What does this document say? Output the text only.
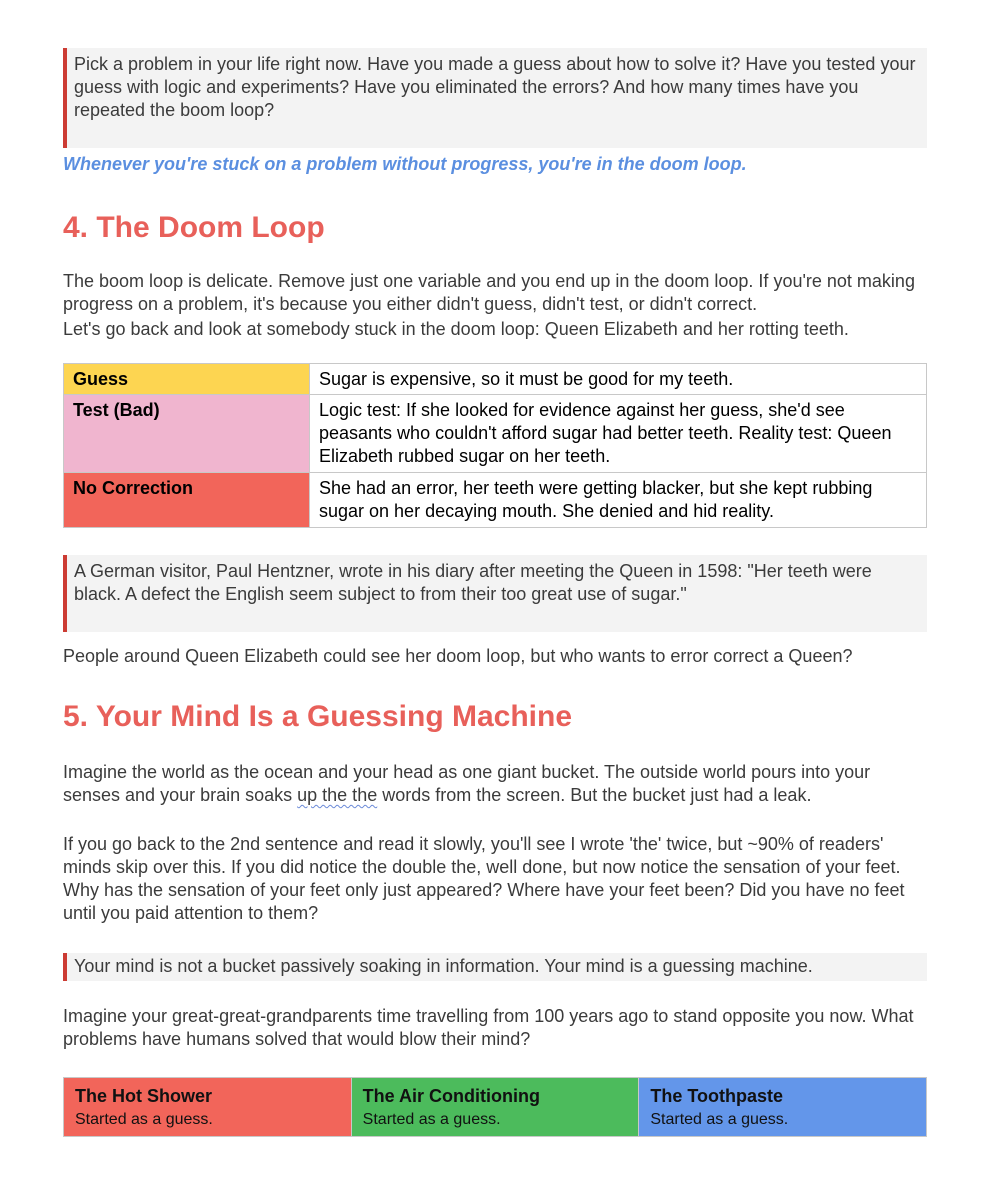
Pick a problem in your life right now. Have you made a guess about how to solve it? Have you tested your guess with logic and experiments? Have you eliminated the errors? And how many times have you repeated the boom loop?
Whenever you're stuck on a problem without progress, you're in the doom loop.
4. The Doom Loop

The boom loop is delicate. Remove just one variable and you end up in the doom loop. If you're not making progress on a problem, it's because you either didn't guess, didn't test, or didn't correct.
Let's go back and look at somebody stuck in the doom loop: Queen Elizabeth and her rotting teeth.

Guess	Sugar is expensive, so it must be good for my teeth.
Test (Bad)	Logic test: If she looked for evidence against her guess, she'd see peasants who couldn't afford sugar had better teeth. Reality test: Queen Elizabeth rubbed sugar on her teeth.
No Correction	She had an error, her teeth were getting blacker, but she kept rubbing sugar on her decaying mouth. She denied and hid reality.
A German visitor, Paul Hentzner, wrote in his diary after meeting the Queen in 1598: "Her teeth were black. A defect the English seem subject to from their too great use of sugar."

People around Queen Elizabeth could see her doom loop, but who wants to error correct a Queen?

5. Your Mind Is a Guessing Machine

Imagine the world as the ocean and your head as one giant bucket. The outside world pours into your senses and your brain soaks up the the words from the screen. But the bucket just had a leak.

If you go back to the 2nd sentence and read it slowly, you'll see I wrote 'the' twice, but ~90% of readers' minds skip over this. If you did notice the double the, well done, but now notice the sensation of your feet. Why has the sensation of your feet only just appeared? Where have your feet been? Did you have no feet until you paid attention to them?

Your mind is not a bucket passively soaking in information. Your mind is a guessing machine.

Imagine your great-great-grandparents time travelling from 100 years ago to stand opposite you now. What problems have humans solved that would blow their mind?

The Hot Shower
Started as a guess.
The Air Conditioning
Started as a guess.
The Toothpaste
Started as a guess.
